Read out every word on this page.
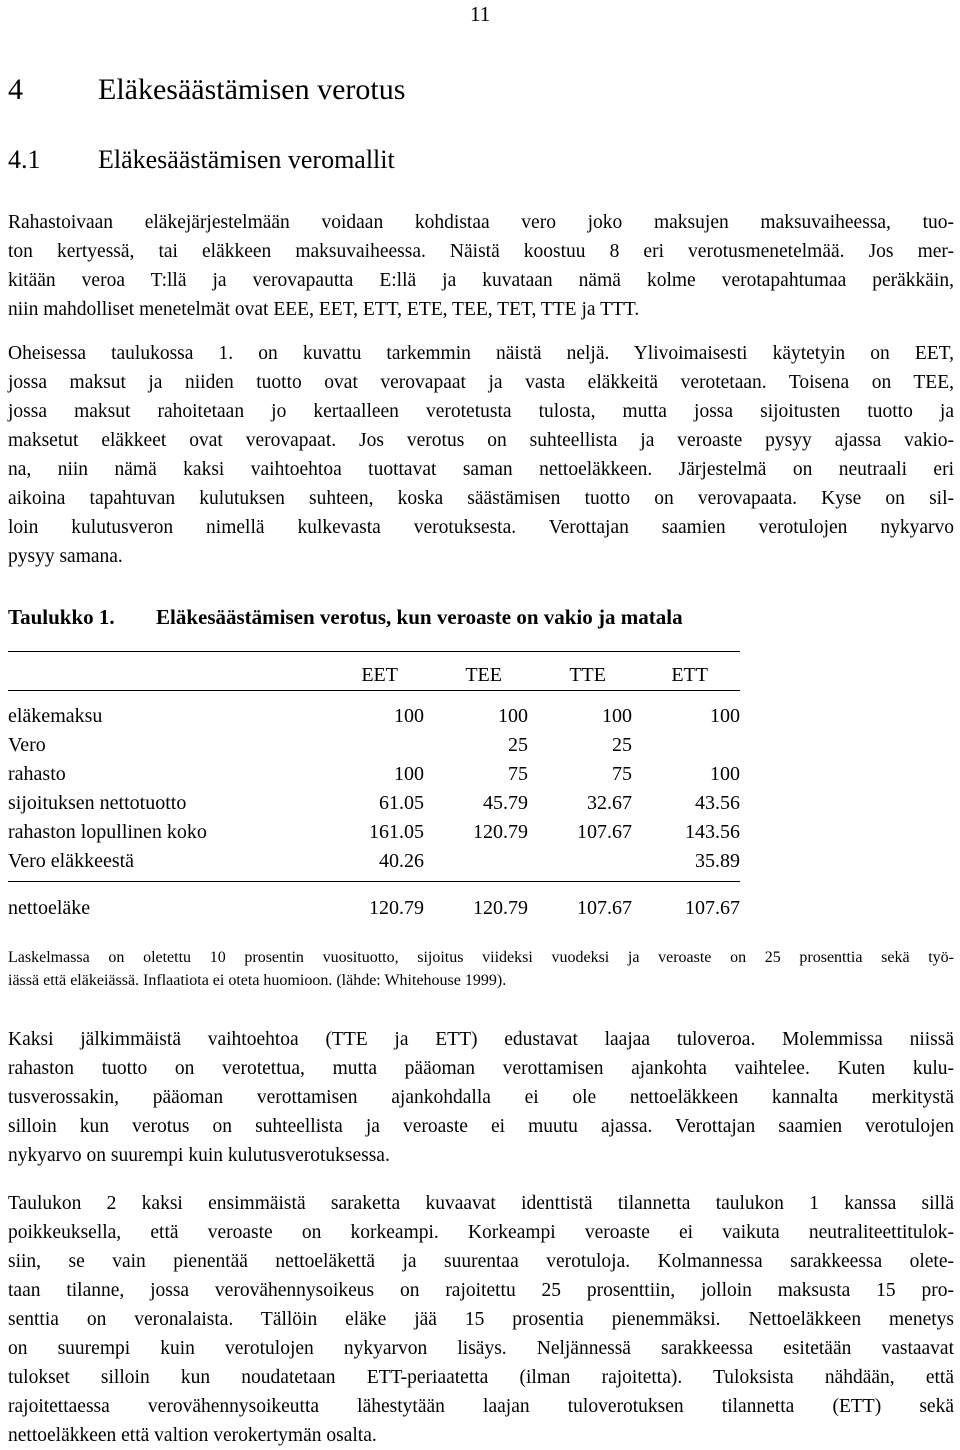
11
4	Eläkesäästämisen verotus
4.1 Eläkesäästämisen veromallit
Rahastoivaan eläkejärjestelmään voidaan kohdistaa vero joko maksujen maksuvaiheessa, tuo-
ton kertyessä, tai eläkkeen maksuvaiheessa. Näistä koostuu 8 eri verotusmenetelmää. Jos mer-
kitään veroa T:llä ja verovapautta E:llä ja kuvataan nämä kolme verotapahtumaa peräkkäin,
niin mahdolliset menetelmät ovat EEE, EET, ETT, ETE, TEE, TET, TTE ja TTT.
Oheisessa taulukossa 1. on kuvattu tarkemmin näistä neljä. Ylivoimaisesti käytetyin on EET,
jossa maksut ja niiden tuotto ovat verovapaat ja vasta eläkkeitä verotetaan. Toisena on TEE,
jossa maksut rahoitetaan jo kertaalleen verotetusta tulosta, mutta jossa sijoitusten tuotto ja
maksetut eläkkeet ovat verovapaat. Jos verotus on suhteellista ja veroaste pysyy ajassa vakio-
na, niin nämä kaksi vaihtoehtoa tuottavat saman nettoeläkkeen. Järjestelmä on neutraali eri
aikoina tapahtuvan kulutuksen suhteen, koska säästämisen tuotto on verovapaata. Kyse on sil-
loin kulutusveron nimellä kulkevasta verotuksesta. Verottajan saamien verotulojen nykyarvo
pysyy samana.
Taulukko 1. Eläkesäästämisen verotus, kun veroaste on vakio ja matala
	EET	TEE	TTE	ETT

eläkemaksu	100	100	100	100
Vero		25	25	
rahasto	100	75	75	100
sijoituksen nettotuotto	61.05	45.79	32.67	43.56
rahaston lopullinen koko	161.05	120.79	107.67	143.56
Vero eläkkeestä	40.26			35.89

nettoeläke	120.79	120.79	107.67	107.67
Laskelmassa on oletettu 10 prosentin vuosituotto, sijoitus viideksi vuodeksi ja veroaste on 25 prosenttia sekä työ-
iässä että eläkeiässä. Inflaatiota ei oteta huomioon. (lähde: Whitehouse 1999).
Kaksi jälkimmäistä vaihtoehtoa (TTE ja ETT) edustavat laajaa tuloveroa. Molemmissa niissä
rahaston tuotto on verotettua, mutta pääoman verottamisen ajankohta vaihtelee. Kuten kulu-
tusverossakin, pääoman verottamisen ajankohdalla ei ole nettoeläkkeen kannalta merkitystä
silloin kun verotus on suhteellista ja veroaste ei muutu ajassa. Verottajan saamien verotulojen
nykyarvo on suurempi kuin kulutusverotuksessa.
Taulukon 2 kaksi ensimmäistä saraketta kuvaavat identtistä tilannetta taulukon 1 kanssa sillä
poikkeuksella, että veroaste on korkeampi. Korkeampi veroaste ei vaikuta neutraliteettitulok-
siin, se vain pienentää nettoeläkettä ja suurentaa verotuloja. Kolmannessa sarakkeessa olete-
taan tilanne, jossa verovähennysoikeus on rajoitettu 25 prosenttiin, jolloin maksusta 15 pro-
senttia on veronalaista. Tällöin eläke jää 15 prosentia pienemmäksi. Nettoeläkkeen menetys
on suurempi kuin verotulojen nykyarvon lisäys. Neljännessä sarakkeessa esitetään vastaavat
tulokset silloin kun noudatetaan ETT-periaatetta (ilman rajoitetta). Tuloksista nähdään, että
rajoitettaessa verovähennysoikeutta lähestytään laajan tuloverotuksen tilannetta (ETT) sekä
nettoeläkkeen että valtion verokertymän osalta.
